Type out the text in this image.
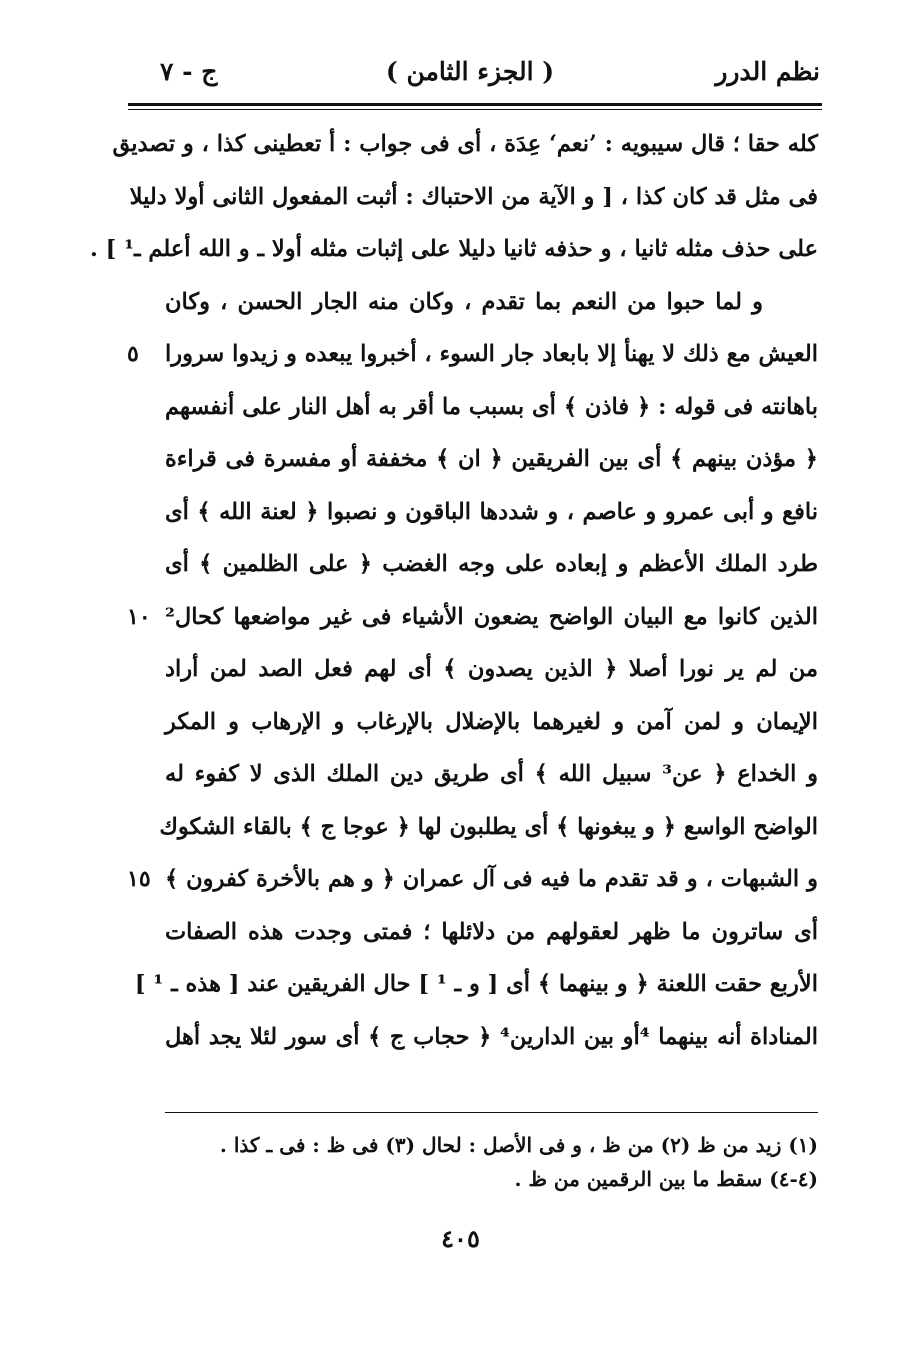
نظم الدرر
( الجزء الثامن )
ج - ٧
كله حقا ؛ قال سيبويه : ’نعم‘ عِدَة ، أى فى جواب : أ تعطينى كذا ، و تصديق
فى مثل قد كان كذا ، [ و الآية من الاحتباك : أثبت المفعول الثانى أولا دليلا
على حذف مثله ثانيا ، و حذفه ثانيا دليلا على إثبات مثله أولا ـ و الله أعلم ـ¹ ] .
و لما حبوا من النعم بما تقدم ، وكان منه الجار الحسن ، وكان
العيش مع ذلك لا يهنأ إلا بابعاد جار السوء ، أخبروا يبعده و زيدوا سرورا
٥
باهانته فى قوله : ﴿ فاذن ﴾ أى بسبب ما أقر به أهل النار على أنفسهم
﴿ مؤذن بينهم ﴾ أى بين الفريقين ﴿ ان ﴾ مخففة أو مفسرة فى قراءة
نافع و أبى عمرو و عاصم ، و شددها الباقون و نصبوا ﴿ لعنة الله ﴾ أى
طرد الملك الأعظم و إبعاده على وجه الغضب ﴿ على الظلمين ﴾ أى
الذين كانوا مع البيان الواضح يضعون الأشياء فى غير مواضعها كحال²
١٠
من لم ير نورا أصلا ﴿ الذين يصدون ﴾ أى لهم فعل الصد لمن أراد
الإيمان و لمن آمن و لغيرهما بالإضلال بالإرغاب و الإرهاب و المكر
و الخداع ﴿ عن³ سبيل الله ﴾ أى طريق دين الملك الذى لا كفوء له
الواضح الواسع ﴿ و يبغونها ﴾ أى يطلبون لها ﴿ عوجا ج ﴾ بالقاء الشكوك
و الشبهات ، و قد تقدم ما فيه فى آل عمران ﴿ و هم بالأخرة كفرون ﴾
١٥
أى ساترون ما ظهر لعقولهم من دلائلها ؛ فمتى وجدت هذه الصفات
الأربع حقت اللعنة ﴿ و بينهما ﴾ أى [ و ـ ¹ ] حال الفريقين عند [ هذه ـ ¹ ]
المناداة أنه بينهما ⁴أو بين الدارين⁴ ﴿ حجاب ج ﴾ أى سور لئلا يجد أهل
(١) زيد من ظ (٢) من ظ ، و فى الأصل : لحال (٣) فى ظ : فى ـ كذا .
(٤-٤) سقط ما بين الرقمين من ظ .
٤٠٥
